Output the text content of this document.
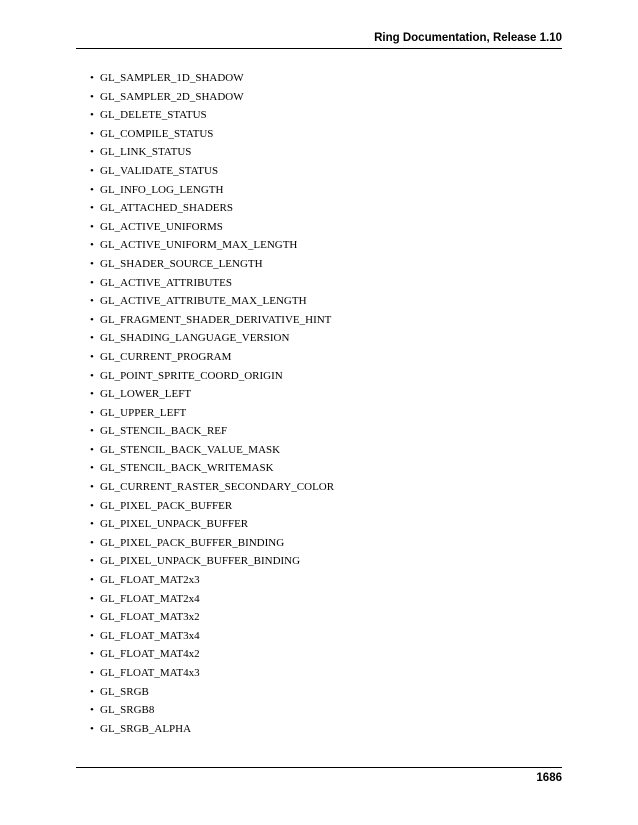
Ring Documentation, Release 1.10
• GL_SAMPLER_1D_SHADOW
• GL_SAMPLER_2D_SHADOW
• GL_DELETE_STATUS
• GL_COMPILE_STATUS
• GL_LINK_STATUS
• GL_VALIDATE_STATUS
• GL_INFO_LOG_LENGTH
• GL_ATTACHED_SHADERS
• GL_ACTIVE_UNIFORMS
• GL_ACTIVE_UNIFORM_MAX_LENGTH
• GL_SHADER_SOURCE_LENGTH
• GL_ACTIVE_ATTRIBUTES
• GL_ACTIVE_ATTRIBUTE_MAX_LENGTH
• GL_FRAGMENT_SHADER_DERIVATIVE_HINT
• GL_SHADING_LANGUAGE_VERSION
• GL_CURRENT_PROGRAM
• GL_POINT_SPRITE_COORD_ORIGIN
• GL_LOWER_LEFT
• GL_UPPER_LEFT
• GL_STENCIL_BACK_REF
• GL_STENCIL_BACK_VALUE_MASK
• GL_STENCIL_BACK_WRITEMASK
• GL_CURRENT_RASTER_SECONDARY_COLOR
• GL_PIXEL_PACK_BUFFER
• GL_PIXEL_UNPACK_BUFFER
• GL_PIXEL_PACK_BUFFER_BINDING
• GL_PIXEL_UNPACK_BUFFER_BINDING
• GL_FLOAT_MAT2x3
• GL_FLOAT_MAT2x4
• GL_FLOAT_MAT3x2
• GL_FLOAT_MAT3x4
• GL_FLOAT_MAT4x2
• GL_FLOAT_MAT4x3
• GL_SRGB
• GL_SRGB8
• GL_SRGB_ALPHA
1686
